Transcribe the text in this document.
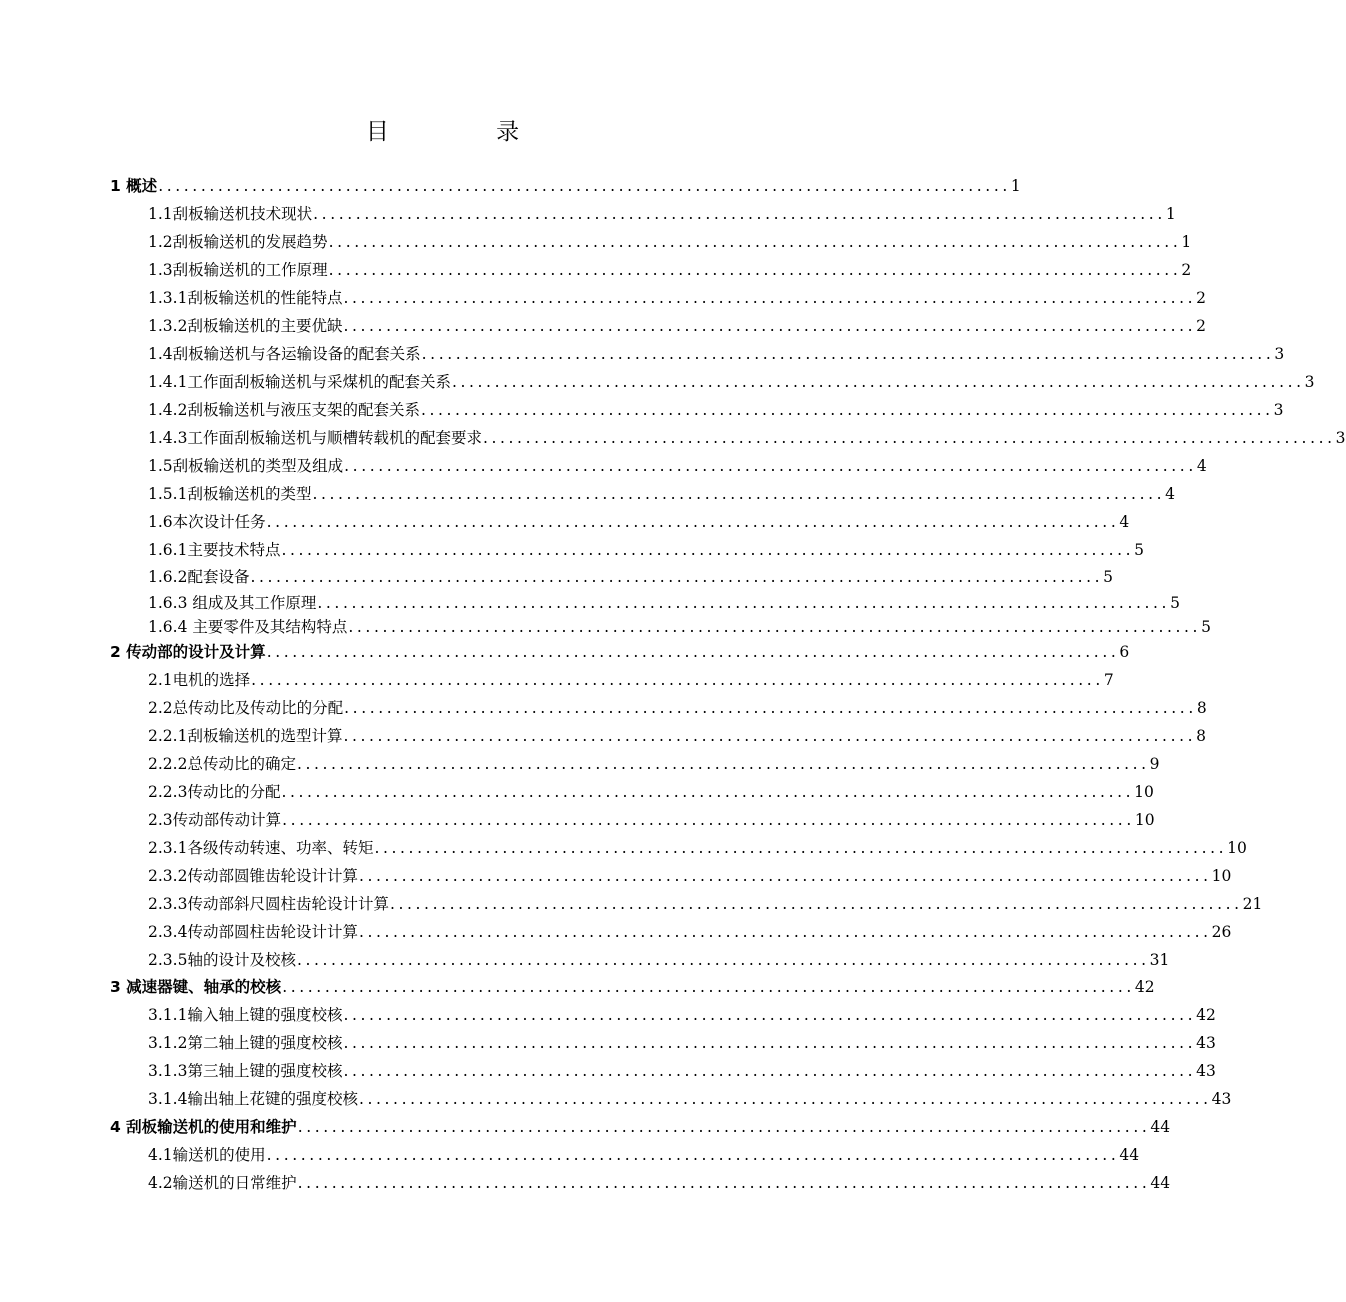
目 录
1 概述 .................................................................................................... 1
1.1刮板输送机技术现状 .................................................................................................... 1
1.2刮板输送机的发展趋势 .................................................................................................... 1
1.3刮板输送机的工作原理 .................................................................................................... 2
1.3.1刮板输送机的性能特点 .................................................................................................... 2
1.3.2刮板输送机的主要优缺 .................................................................................................... 2
1.4刮板输送机与各运输设备的配套关系 .................................................................................................... 3
1.4.1工作面刮板输送机与采煤机的配套关系 .................................................................................................... 3
1.4.2刮板输送机与液压支架的配套关系 .................................................................................................... 3
1.4.3工作面刮板输送机与顺槽转载机的配套要求 .................................................................................................... 3
1.5刮板输送机的类型及组成 .................................................................................................... 4
1.5.1刮板输送机的类型 .................................................................................................... 4
1.6本次设计任务 .................................................................................................... 4
1.6.1主要技术特点 .................................................................................................... 5
1.6.2配套设备 .................................................................................................... 5
1.6.3 组成及其工作原理 .................................................................................................... 5
1.6.4 主要零件及其结构特点 .................................................................................................... 5
2 传动部的设计及计算 .................................................................................................... 6
2.1电机的选择 .................................................................................................... 7
2.2总传动比及传动比的分配 .................................................................................................... 8
2.2.1刮板输送机的选型计算 .................................................................................................... 8
2.2.2总传动比的确定 .................................................................................................... 9
2.2.3传动比的分配 .................................................................................................... 10
2.3传动部传动计算 .................................................................................................... 10
2.3.1各级传动转速、功率、转矩 .................................................................................................... 10
2.3.2传动部圆锥齿轮设计计算 .................................................................................................... 10
2.3.3传动部斜尺圆柱齿轮设计计算 .................................................................................................... 21
2.3.4传动部圆柱齿轮设计计算 .................................................................................................... 26
2.3.5轴的设计及校核 .................................................................................................... 31
3 减速器键、轴承的校核 .................................................................................................... 42
3.1.1输入轴上键的强度校核 .................................................................................................... 42
3.1.2第二轴上键的强度校核 .................................................................................................... 43
3.1.3第三轴上键的强度校核 .................................................................................................... 43
3.1.4输出轴上花键的强度校核 .................................................................................................... 43
4 刮板输送机的使用和维护 .................................................................................................... 44
4.1输送机的使用 .................................................................................................... 44
4.2输送机的日常维护 .................................................................................................... 44
